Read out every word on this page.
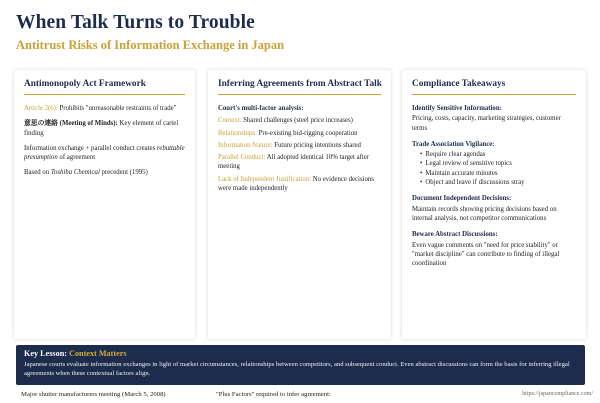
When Talk Turns to Trouble
Antitrust Risks of Information Exchange in Japan
Antimonopoly Act Framework
Article 2(6): Prohibits "unreasonable restraints of trade"
意思の連絡 (Meeting of Minds): Key element of cartel finding
Information exchange + parallel conduct creates rebuttable presumption of agreement
Based on Toshiba Chemical precedent (1995)
Inferring Agreements from Abstract Talk
Court's multi-factor analysis:
Context: Shared challenges (steel price increases)
Relationships: Pre-existing bid-rigging cooperation
Information Nature: Future pricing intentions shared
Parallel Conduct: All adopted identical 10% target after meeting
Lack of Independent Justification: No evidence decisions were made independently
Compliance Takeaways
Identify Sensitive Information:
Pricing, costs, capacity, marketing strategies, customer terms
Trade Association Vigilance:
• Require clear agendas
• Legal review of sensitive topics
• Maintain accurate minutes
• Object and leave if discussions stray
Document Independent Decisions:
Maintain records showing pricing decisions based on internal analysis, not competitor communications
Beware Abstract Discussions:
Even vague comments on "need for price stability" or "market discipline" can contribute to finding of illegal coordination
Key Lesson: Context Matters
Japanese courts evaluate information exchanges in light of market circumstances, relationships between competitors, and subsequent conduct. Even abstract discussions can form the basis for inferring illegal agreements when these contextual factors align.
Major shutter manufacturers meeting (March 5, 2008)	"Plus Factors" required to infer agreement:	https://japancompliance.com/
